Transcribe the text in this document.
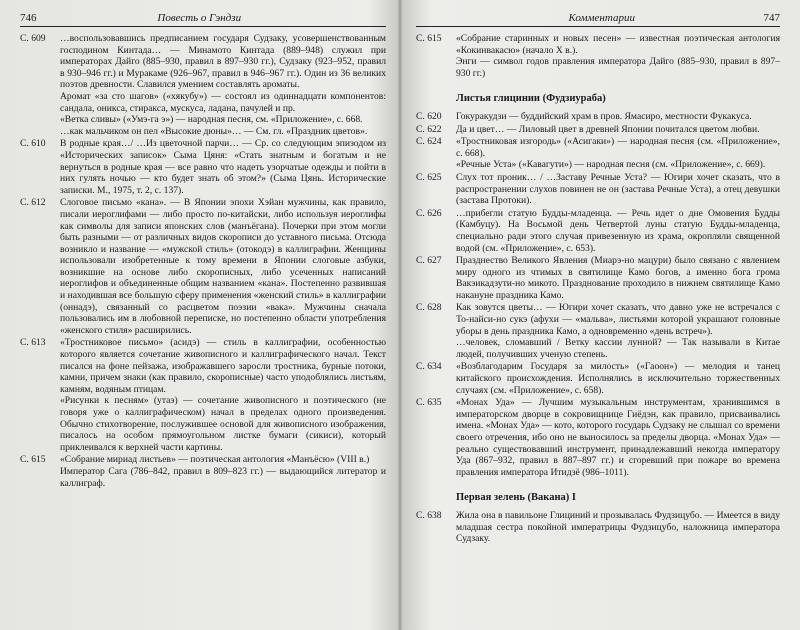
746	Повесть о Гэндзи
С. 609	…воспользовавшись предписанием государя Судзаку, усовершенствованным господином Кинтада… — Минамото Кинтада (889–948) служил при императорах Дайго (885–930, правил в 897–930 гг.), Судзаку (923–952, правил в 930–946 гг.) и Муракаме (926–967, правил в 946–967 гг.). Один из 36 великих поэтов древности. Славился умением составлять ароматы.

Аромат «за сто шагов» («хякубу») — состоял из одиннадцати компонентов: сандала, оникса, стиракса, мускуса, ладана, пачулей и пр.

«Ветка сливы» («Умэ-га э») — народная песня, см. «Приложение», с. 668.

…как мальчиком он пел «Высокие дюны»… — См. гл. «Праздник цветов».

С. 610	В родные края…/ …Из цветочной парчи… — Ср. со следующим эпизодом из «Исторических записок» Сыма Цяня: «Стать знатным и богатым и не вернуться в родные края — все равно что надеть узорчатые одежды и пойти в них гулять ночью — кто будет знать об этом?» (Сыма Цянь. Исторические записки. М., 1975, т. 2, с. 137).

С. 612	Слоговое письмо «кана». — В Японии эпохи Хэйан мужчины, как правило, писали иероглифами — либо просто по-китайски, либо используя иероглифы как символы для записи японских слов (манъёгана). Почерки при этом могли быть разными — от различных видов скорописи до уставного письма. Отсюда возникло и название — «мужской стиль» (отокодэ) в каллиграфии. Женщины использовали изобретенные к тому времени в Японии слоговые азбуки, возникшие на основе либо скорописных, либо усеченных написаний иероглифов и объединенные общим названием «кана». Постепенно развившая и находившая все большую сферу применения «женский стиль» в каллиграфии (оннадэ), связанный со расцветом поэзии «вака». Мужчины сначала пользовались им в любовной переписке, но постепенно области употребления «женского стиля» расширились.

С. 613	«Тростниковое письмо» (асидэ) — стиль в каллиграфии, особенностью которого является сочетание живописного и каллиграфического начал. Текст писался на фоне пейзажа, изображавшего заросли тростника, бурные потоки, камни, причем знаки (как правило, скорописные) часто уподоблялись листьям, камням, водяным птицам.

«Рисунки к песням» (утаэ) — сочетание живописного и поэтического (не говоря уже о каллиграфическом) начал в пределах одного произведения. Обычно стихотворение, послужившее основой для живописного изображения, писалось на особом прямоугольном листке бумаги (сикиси), который приклеивался к верхней части картины.

С. 615	«Собрание мириад листьев» — поэтическая антология «Манъёсю» (VIII в.)

Император Сага (786–842, правил в 809–823 гг.) — выдающийся литератор и каллиграф.

Комментарии	747
С. 615	«Собрание старинных и новых песен» — известная поэтическая антология «Кокинвакасю» (начало X в.).

Энги — символ годов правления императора Дайго (885–930, правил в 897–930 гг.)

Листья глицинии (Фудзиураба)
С. 620	Гокуракудзи — буддийский храм в пров. Ямасиро, местности Фукакуса.

С. 622	Да и цвет… — Лиловый цвет в древней Японии почитался цветом любви.

С. 624	«Тростниковая изгородь» («Асигаки») — народная песня (см. «Приложение», с. 668).

«Речные Уста» («Кавагути») — народная песня (см. «Приложение», с. 669).

С. 625	Слух тот проник… / …Заставу Речные Уста? — Югири хочет сказать, что в распространении слухов повинен не он (застава Речные Уста), а отец девушки (застава Протоки).

С. 626	…прибегли статую Будды-младенца. — Речь идет о дне Омовения Будды (Камбуцу). На Восьмой день Четвертой луны статую Будды-младенца, специально ради этого случая привезенную из храма, окропляли священной водой (см. «Приложение», с. 653).

С. 627	Празднество Великого Явления (Миарэ-но мацури) было связано с явлением миру одного из чтимых в святилище Камо богов, а именно бога грома Вакэикадзути-но микото. Празднование проходило в нижнем святилище Камо накануне праздника Камо.

С. 628	Как зовутся цветы… — Югири хочет сказать, что давно уже не встречался с То-найси-но сукэ (афухи — «мальва», листьями которой украшают головные уборы в день праздника Камо, а одновременно «день встреч»).

…человек, сломавший / Ветку кассии лунной? — Так называли в Китае людей, получивших ученую степень.

С. 634	«Возблагодарим Государя за милость» («Гаоон») — мелодия и танец китайского происхождения. Исполнялись в исключительно торжественных случаях (см. «Приложение», с. 658).

С. 635	«Монах Уда» — Лучшим музыкальным инструментам, хранившимся в императорском дворце в сокровищнице Гиёдэн, как правило, присваивались имена. «Монах Уда» — кото, которого государь Судзаку не слышал со времени своего отречения, ибо оно не выносилось за пределы дворца. «Монах Уда» — реально существовавший инструмент, принадлежавший некогда императору Уда (867–932, правил в 887–897 гг.) и сгоревший при пожаре во времена правления императора Итидзё (986–1011).

Первая зелень (Вакана) I
С. 638	Жила она в павильоне Глициний и прозывалась Фудзицубо. — Имеется в виду младшая сестра покойной императрицы Фудзицубо, наложница императора Судзаку.
